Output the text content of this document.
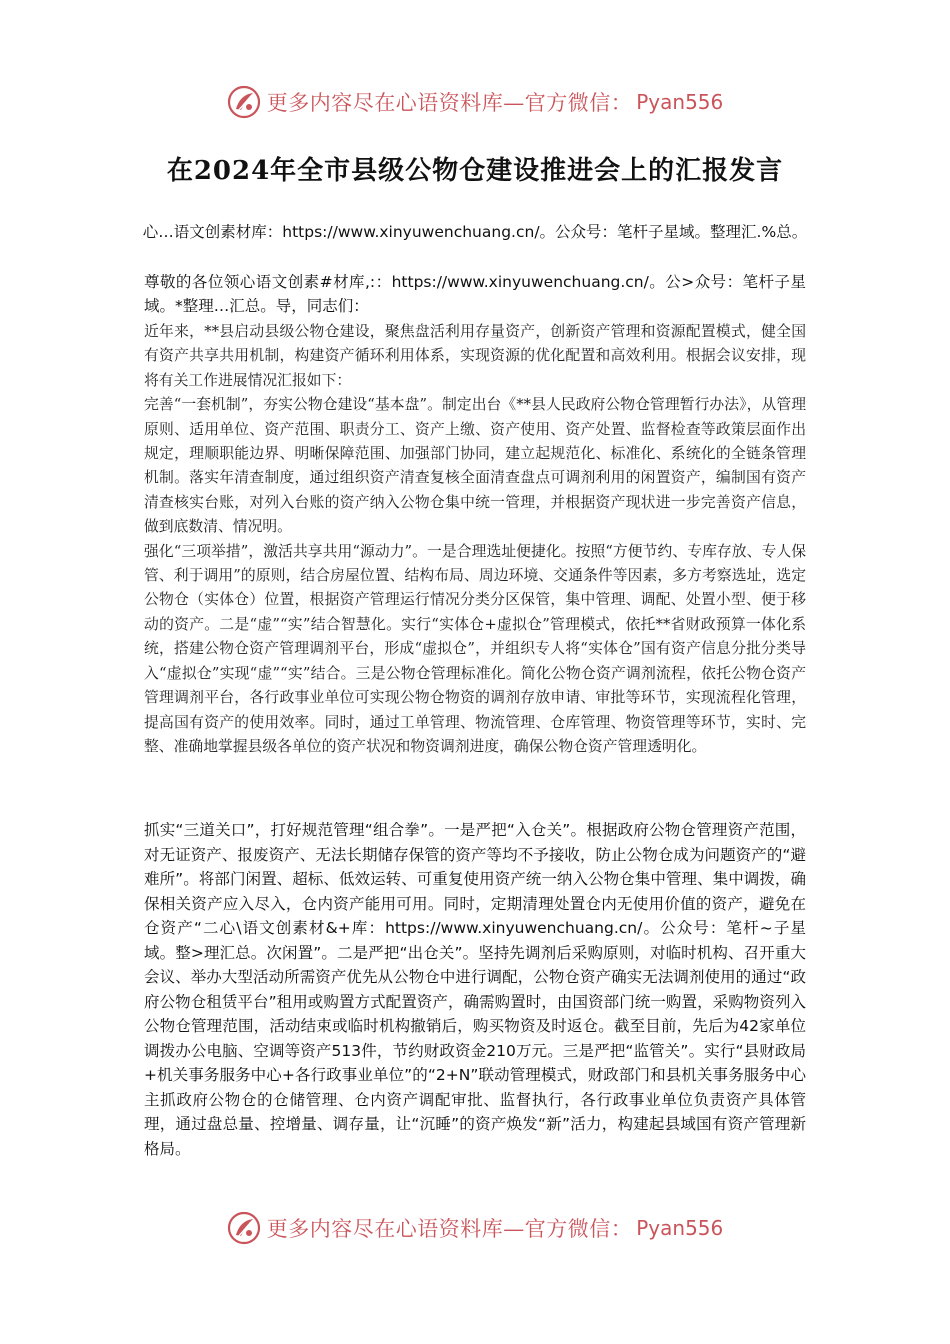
更多内容尽在心语资料库—官方微信： Pyan556
在2024年全市县级公物仓建设推进会上的汇报发言
心…语文创素材库：https://www.xinyuwenchuang.cn/。公众号：笔杆子星域。整理汇.%总。
尊敬的各位领心语文创素#材库,:：https://www.xinyuwenchuang.cn/。公>众号：笔杆子星域。*整理…汇总。导，同志们：

近年来，**县启动县级公物仓建设，聚焦盘活利用存量资产，创新资产管理和资源配置模式，健全国有资产共享共用机制，构建资产循环利用体系，实现资源的优化配置和高效利用。根据会议安排，现将有关工作进展情况汇报如下：

完善“一套机制”，夯实公物仓建设“基本盘”。制定出台《**县人民政府公物仓管理暂行办法》，从管理原则、适用单位、资产范围、职责分工、资产上缴、资产使用、资产处置、监督检查等政策层面作出规定，理顺职能边界、明晰保障范围、加强部门协同，建立起规范化、标准化、系统化的全链条管理机制。落实年清查制度，通过组织资产清查复核全面清查盘点可调剂利用的闲置资产，编制国有资产清查核实台账，对列入台账的资产纳入公物仓集中统一管理，并根据资产现状进一步完善资产信息，做到底数清、情况明。

强化“三项举措”，激活共享共用“源动力”。一是合理选址便捷化。按照“方便节约、专库存放、专人保管、利于调用”的原则，结合房屋位置、结构布局、周边环境、交通条件等因素，多方考察选址，选定公物仓（实体仓）位置，根据资产管理运行情况分类分区保管，集中管理、调配、处置小型、便于移动的资产。二是“虚”“实”结合智慧化。实行“实体仓+虚拟仓”管理模式，依托**省财政预算一体化系统，搭建公物仓资产管理调剂平台，形成“虚拟仓”，并组织专人将“实体仓”国有资产信息分批分类导入“虚拟仓”实现“虚”“实”结合。三是公物仓管理标准化。简化公物仓资产调剂流程，依托公物仓资产管理调剂平台，各行政事业单位可实现公物仓物资的调剂存放申请、审批等环节，实现流程化管理，提高国有资产的使用效率。同时，通过工单管理、物流管理、仓库管理、物资管理等环节，实时、完整、准确地掌握县级各单位的资产状况和物资调剂进度，确保公物仓资产管理透明化。

抓实“三道关口”，打好规范管理“组合拳”。一是严把“入仓关”。根据政府公物仓管理资产范围，对无证资产、报废资产、无法长期储存保管的资产等均不予接收，防止公物仓成为问题资产的“避难所”。将部门闲置、超标、低效运转、可重复使用资产统一纳入公物仓集中管理、集中调拨，确保相关资产应入尽入，仓内资产能用可用。同时，定期清理处置仓内无使用价值的资产，避免在仓资产“二心\语文创素材&+库：https://www.xinyuwenchuang.cn/。公众号：笔杆~子星域。整>理汇总。次闲置”。二是严把“出仓关”。坚持先调剂后采购原则，对临时机构、召开重大会议、举办大型活动所需资产优先从公物仓中进行调配，公物仓资产确实无法调剂使用的通过“政府公物仓租赁平台”租用或购置方式配置资产，确需购置时，由国资部门统一购置，采购物资列入公物仓管理范围，活动结束或临时机构撤销后，购买物资及时返仓。截至目前，先后为42家单位调拨办公电脑、空调等资产513件，节约财政资金210万元。三是严把“监管关”。实行“县财政局+机关事务服务中心+各行政事业单位”的“2+N”联动管理模式，财政部门和县机关事务服务中心主抓政府公物仓的仓储管理、仓内资产调配审批、监督执行，各行政事业单位负责资产具体管理，通过盘总量、控增量、调存量，让“沉睡”的资产焕发“新”活力，构建起县域国有资产管理新格局。

更多内容尽在心语资料库—官方微信： Pyan556
